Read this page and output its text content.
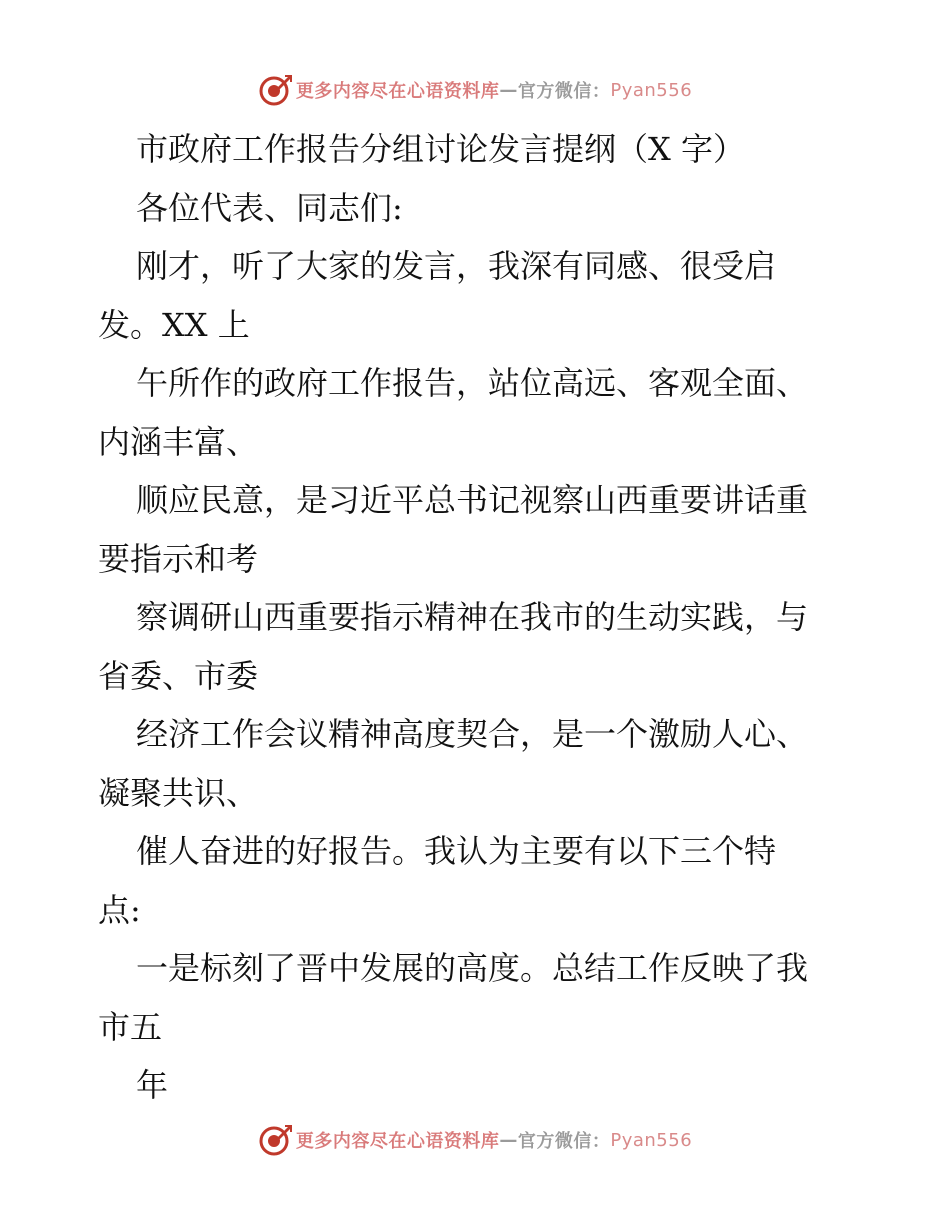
更多内容尽在心语资料库 — 官方微信： Pyan556
市政府工作报告分组讨论发言提纲（X 字）
各位代表、同志们:
刚才，听了大家的发言，我深有同感、很受启
发。XX 上
午所作的政府工作报告，站位高远、客观全面、
内涵丰富、
顺应民意，是习近平总书记视察山西重要讲话重
要指示和考
察调研山西重要指示精神在我市的生动实践，与
省委、市委
经济工作会议精神高度契合，是一个激励人心、
凝聚共识、
催人奋进的好报告。我认为主要有以下三个特
点:
一是标刻了晋中发展的高度。总结工作反映了我
市五
年
更多内容尽在心语资料库 — 官方微信： Pyan556
